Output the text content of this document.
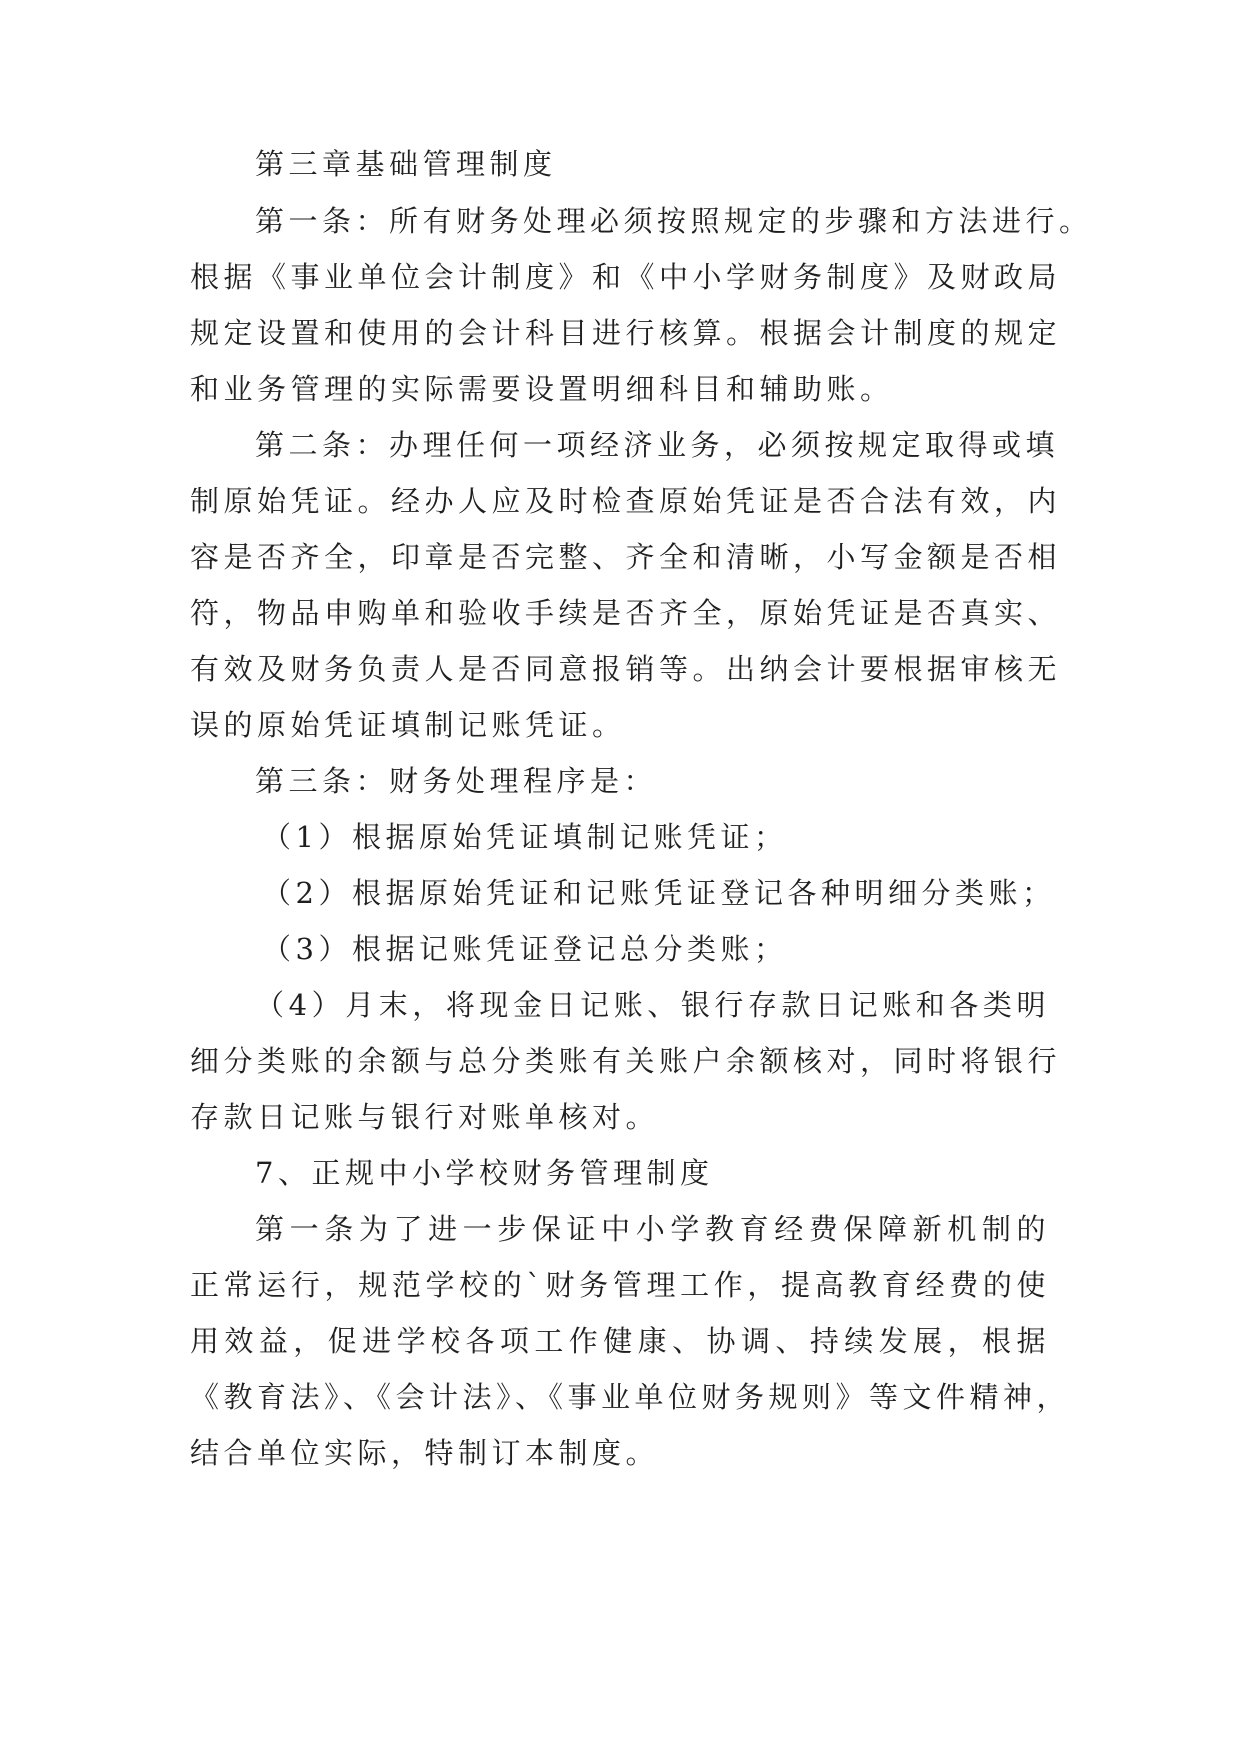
第三章基础管理制度
第一条：所有财务处理必须按照规定的步骤和方法进行。
根据《事业单位会计制度》和《中小学财务制度》及财政局
规定设置和使用的会计科目进行核算。根据会计制度的规定
和业务管理的实际需要设置明细科目和辅助账。
第二条：办理任何一项经济业务，必须按规定取得或填
制原始凭证。经办人应及时检查原始凭证是否合法有效，内
容是否齐全，印章是否完整、齐全和清晰，小写金额是否相
符，物品申购单和验收手续是否齐全，原始凭证是否真实、
有效及财务负责人是否同意报销等。出纳会计要根据审核无
误的原始凭证填制记账凭证。
第三条：财务处理程序是：
（1）根据原始凭证填制记账凭证；
（2）根据原始凭证和记账凭证登记各种明细分类账；
（3）根据记账凭证登记总分类账；
（4）月末，将现金日记账、银行存款日记账和各类明
细分类账的余额与总分类账有关账户余额核对，同时将银行
存款日记账与银行对账单核对。
7、正规中小学校财务管理制度
第一条为了进一步保证中小学教育经费保障新机制的
正常运行，规范学校的`财务管理工作，提高教育经费的使
用效益，促进学校各项工作健康、协调、持续发展，根据
《教育法》、《会计法》、《事业单位财务规则》等文件精神，
结合单位实际，特制订本制度。
